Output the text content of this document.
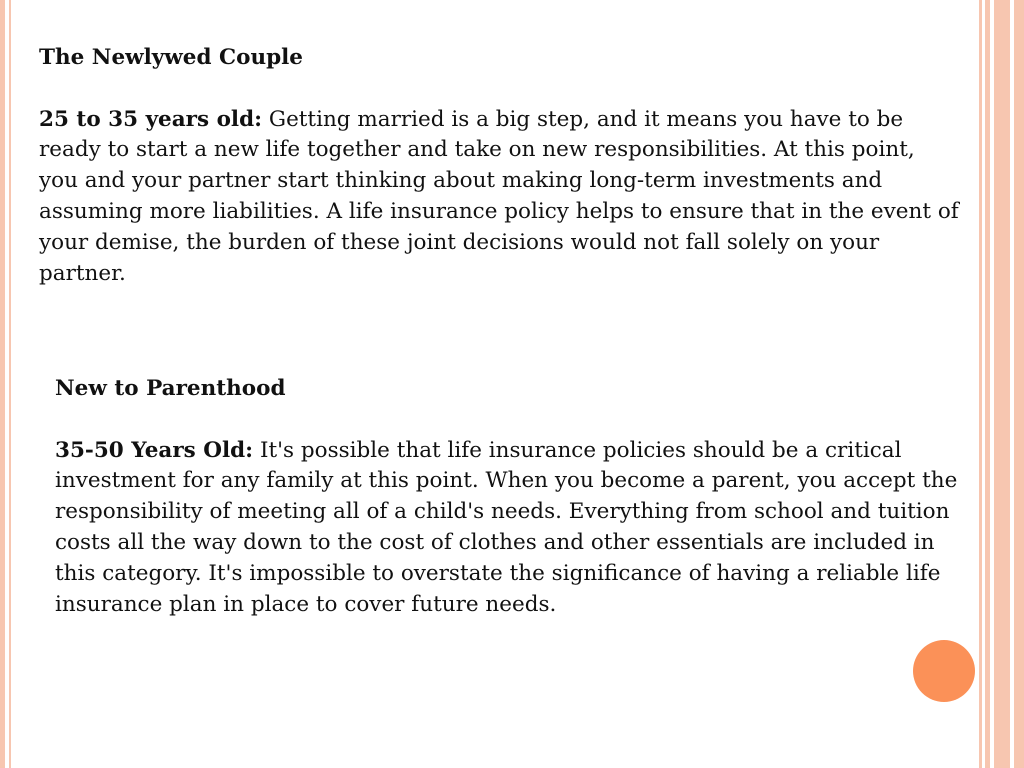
The Newlywed Couple
25 to 35 years old: Getting married is a big step, and it means you have to be ready to start a new life together and take on new responsibilities. At this point, you and your partner start thinking about making long-term investments and assuming more liabilities. A life insurance policy helps to ensure that in the event of your demise, the burden of these joint decisions would not fall solely on your partner.
New to Parenthood
35-50 Years Old: It's possible that life insurance policies should be a critical investment for any family at this point. When you become a parent, you accept the responsibility of meeting all of a child's needs. Everything from school and tuition costs all the way down to the cost of clothes and other essentials are included in this category. It's impossible to overstate the significance of having a reliable life insurance plan in place to cover future needs.
